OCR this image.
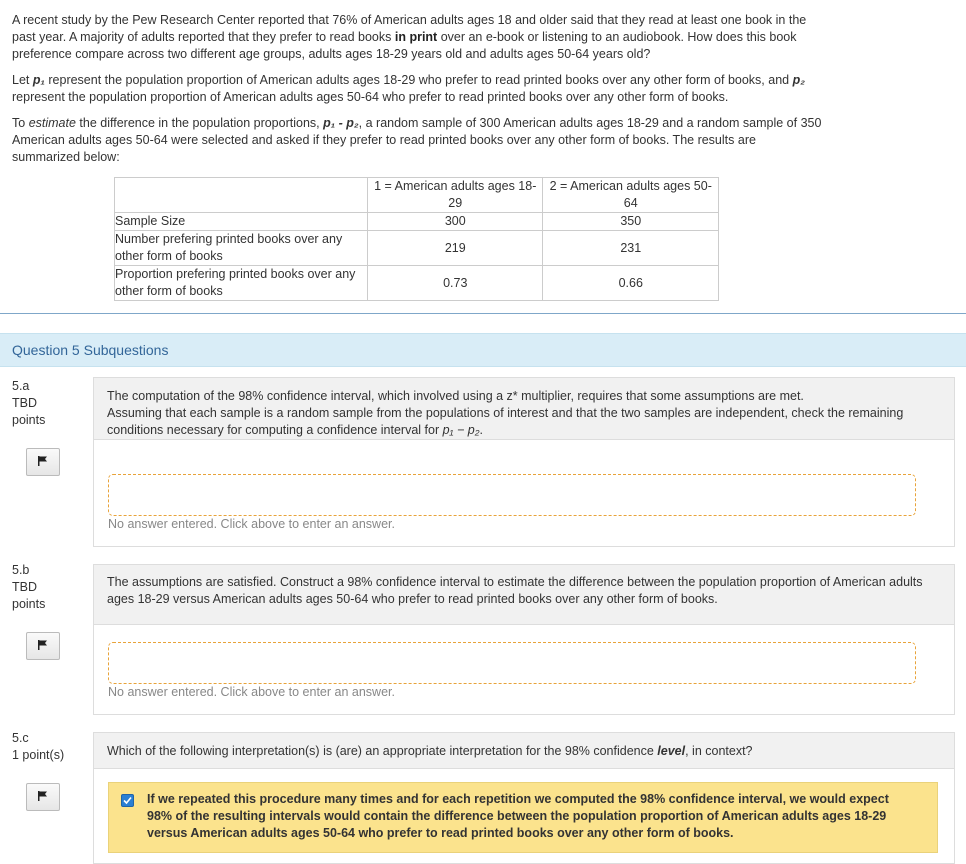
A recent study by the Pew Research Center reported that 76% of American adults ages 18 and older said that they read at least one book in the past year. A majority of adults reported that they prefer to read books in print over an e-book or listening to an audiobook. How does this book preference compare across two different age groups, adults ages 18-29 years old and adults ages 50-64 years old?

Let p₁ represent the population proportion of American adults ages 18-29 who prefer to read printed books over any other form of books, and p₂ represent the population proportion of American adults ages 50-64 who prefer to read printed books over any other form of books.

To estimate the difference in the population proportions, p₁ - p₂, a random sample of 300 American adults ages 18-29 and a random sample of 350 American adults ages 50-64 were selected and asked if they prefer to read printed books over any other form of books. The results are summarized below:

	1 = American adults ages 18-29	2 = American adults ages 50-64
Sample Size	300	350
Number prefering printed books over any other form of books	219	231
Proportion prefering printed books over any other form of books	0.73	0.66
Question 5 Subquestions
5.a
TBD
points
The computation of the 98% confidence interval, which involved using a z* multiplier, requires that some assumptions are met.
Assuming that each sample is a random sample from the populations of interest and that the two samples are independent, check the remaining conditions necessary for computing a confidence interval for p₁ − p₂.
No answer entered. Click above to enter an answer.
5.b
TBD
points
The assumptions are satisfied. Construct a 98% confidence interval to estimate the difference between the population proportion of American adults ages 18-29 versus American adults ages 50-64 who prefer to read printed books over any other form of books.
No answer entered. Click above to enter an answer.
5.c
1 point(s)	Which of the following interpretation(s) is (are) an appropriate interpretation for the 98% confidence level, in context?
If we repeated this procedure many times and for each repetition we computed the 98% confidence interval, we would expect 98% of the resulting intervals would contain the difference between the population proportion of American adults ages 18-29 versus American adults ages 50-64 who prefer to read printed books over any other form of books.
